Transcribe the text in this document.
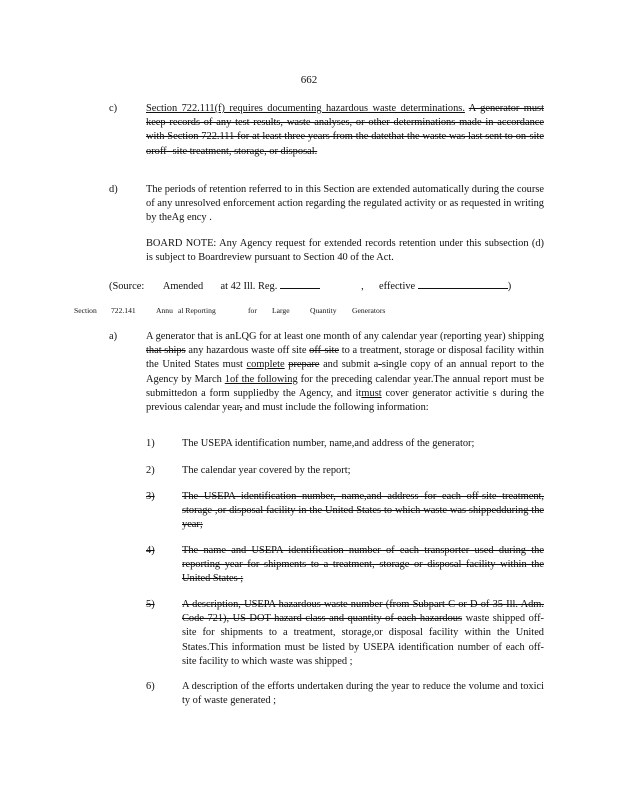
662
c)	Section 722.111(f) requires documenting hazardous waste determinations. A generator must keep records of any test results, waste analyses, or other determinations made in accordance with Section 722.111 for at least three years from the datethat the waste was last sent to on-site oroff -site treatment, storage, or disposal.
d)	The periods of retention referred to in this Section are extended automatically during the course of any unresolved enforcement action regarding the regulated activity or as requested in writing by theAg ency .
BOARD NOTE: Any Agency request for extended records retention under this subsection (d) is subject to Boardreview pursuant to Section 40 of the Act.
(Source: Amended at 42 Ill. Reg.	, effective	)
Section 722.141	Annu al Reporting	for Large	Quantity Generators
a)	A generator that is anLQG for at least one month of any calendar year (reporting year) shipping that ships any hazardous waste off site off-site to a treatment, storage or disposal facility within the United States must complete prepare and submit a single copy of an annual report to the Agency by March 1of the following for the preceding calendar year.The annual report must be submittedon a form suppliedby the Agency, and itmust cover generator activitie s during the previous calendar year, and must include the following information:
1)	The USEPA identification number, name,and address of the generator;
2)	The calendar year covered by the report;
3)	The USEPA identification number, name,and address for each off-site treatment, storage ,or disposal facility in the United States to which waste was shippedduring the year;
4)	The name and USEPA identification number of each transporter used during the reporting year for shipments to a treatment, storage or disposal facility within the United States ;
5)	A description, USEPA hazardous waste number (from Subpart C or D of 35 Ill. Adm. Code 721), US DOT hazard class and quantity of each hazardous waste shipped off-site for shipments to a treatment, storage,or disposal facility within the United States.This information must be listed by USEPA identification number of each off-site facility to which waste was shipped ;
6)	A description of the efforts undertaken during the year to reduce the volume and toxici ty of waste generated ;
